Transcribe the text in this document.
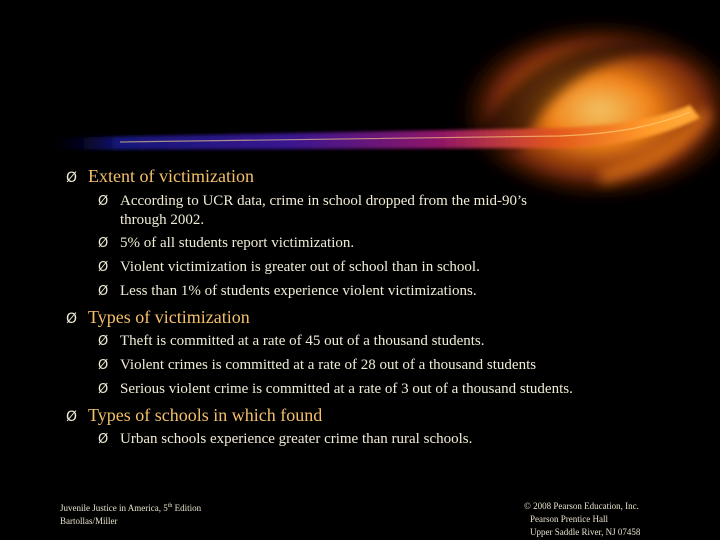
Ø Extent of victimization
Ø According to UCR data, crime in school dropped from the mid-90’s
through 2002.
Ø 5% of all students report victimization.
Ø Violent victimization is greater out of school than in school.
Ø Less than 1% of students experience violent victimizations.
Ø Types of victimization
Ø Theft is committed at a rate of 45 out of a thousand students.
Ø Violent crimes is committed at a rate of 28 out of a thousand students
Ø Serious violent crime is committed at a rate of 3 out of a thousand students.
Ø Types of schools in which found
Ø Urban schools experience greater crime than rural schools.
Juvenile Justice in America, 5th Edition
Bartollas/Miller
© 2008 Pearson Education, Inc.
Pearson Prentice Hall
Upper Saddle River, NJ 07458
